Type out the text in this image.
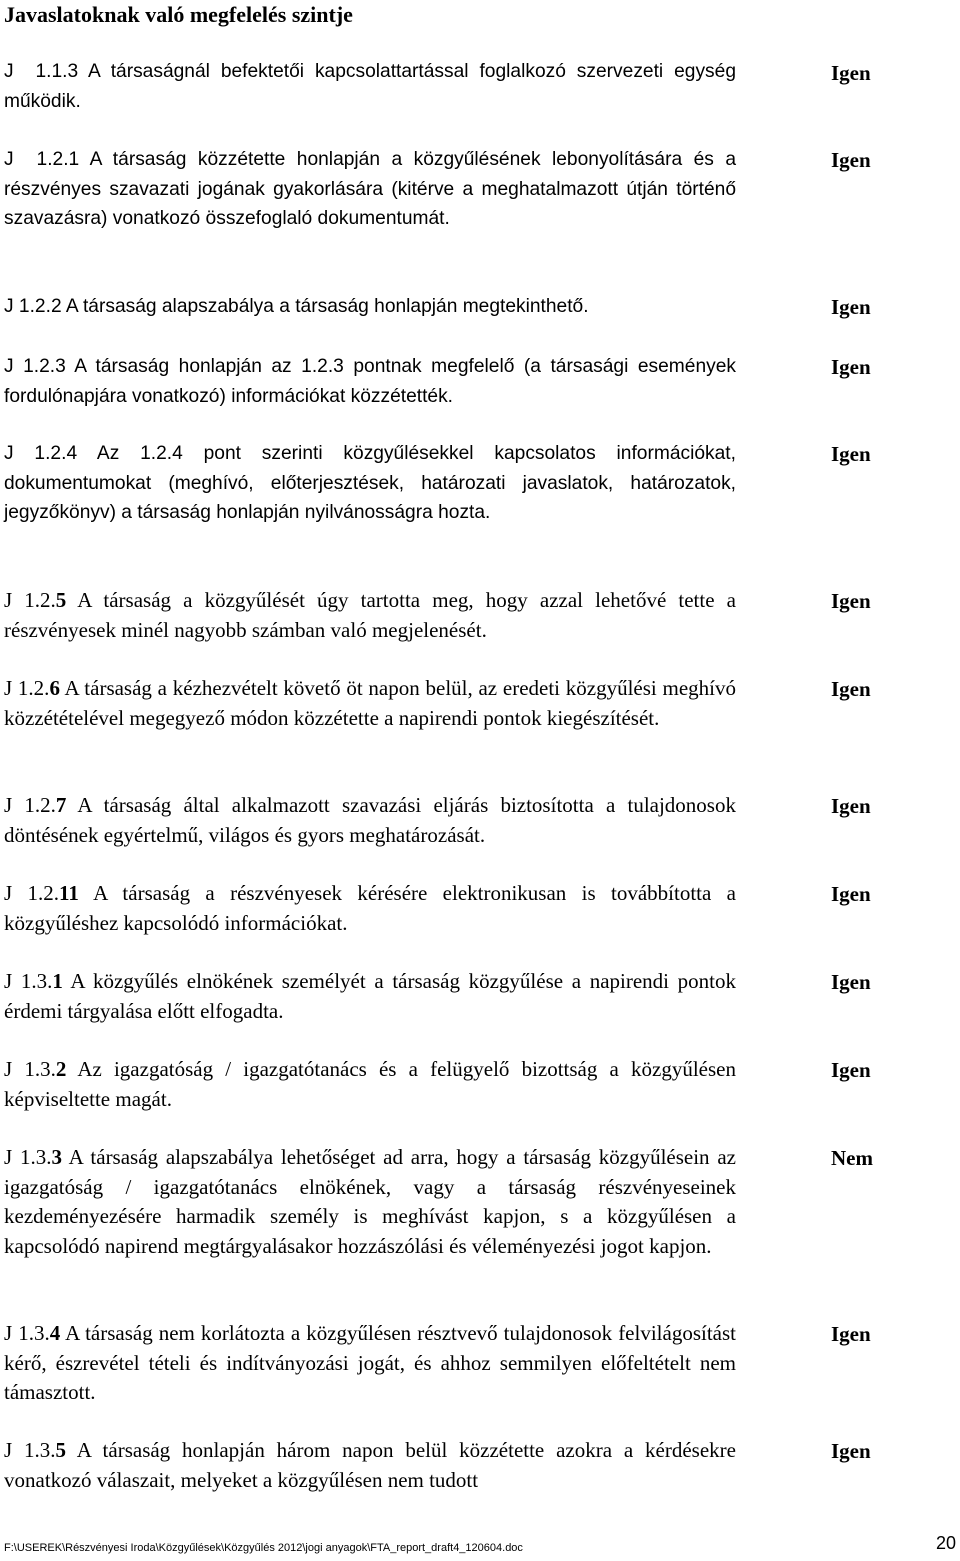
Javaslatoknak való megfelelés szintje
J 1.1.3 A társaságnál befektetői kapcsolattartással foglalkozó szervezeti egység működik.
Igen
J 1.2.1 A társaság közzétette honlapján a közgyűlésének lebonyolítására és a részvényes szavazati jogának gyakorlására (kitérve a meghatalmazott útján történő szavazásra) vonatkozó összefoglaló dokumentumát.
Igen
J 1.2.2 A társaság alapszabálya a társaság honlapján megtekinthető.	Igen
J 1.2.3 A társaság honlapján az 1.2.3 pontnak megfelelő (a társasági események fordulónapjára vonatkozó) információkat közzétették.
Igen
J 1.2.4 Az 1.2.4 pont szerinti közgyűlésekkel kapcsolatos információkat, dokumentumokat (meghívó, előterjesztések, határozati javaslatok, határozatok, jegyzőkönyv) a társaság honlapján nyilvánosságra hozta.
Igen
J 1.2.5 A társaság a közgyűlését úgy tartotta meg, hogy azzal lehetővé tette a részvényesek minél nagyobb számban való megjelenését.
Igen
J 1.2.6 A társaság a kézhezvételt követő öt napon belül, az eredeti közgyűlési meghívó közzétételével megegyező módon közzétette a napirendi pontok kiegészítését.
Igen
J 1.2.7 A társaság által alkalmazott szavazási eljárás biztosította a tulajdonosok döntésének egyértelmű, világos és gyors meghatározását.
Igen
J 1.2.11 A társaság a részvényesek kérésére elektronikusan is továbbította a közgyűléshez kapcsolódó információkat.
Igen
J 1.3.1 A közgyűlés elnökének személyét a társaság közgyűlése a napirendi pontok érdemi tárgyalása előtt elfogadta.
Igen
J 1.3.2 Az igazgatóság / igazgatótanács és a felügyelő bizottság a közgyűlésen képviseltette magát.
Igen
J 1.3.3 A társaság alapszabálya lehetőséget ad arra, hogy a társaság közgyűlésein az igazgatóság / igazgatótanács elnökének, vagy a társaság részvényeseinek kezdeményezésére harmadik személy is meghívást kapjon, s a közgyűlésen a kapcsolódó napirend megtárgyalásakor hozzászólási és véleményezési jogot kapjon.
Nem
J 1.3.4 A társaság nem korlátozta a közgyűlésen résztvevő tulajdonosok felvilágosítást kérő, észrevétel tételi és indítványozási jogát, és ahhoz semmilyen előfeltételt nem támasztott.
Igen
J 1.3.5 A társaság honlapján három napon belül közzétette azokra a kérdésekre vonatkozó válaszait, melyeket a közgyűlésen nem tudott
Igen
F:\USEREK\Részvényesi Iroda\Közgyűlések\Közgyűlés 2012\jogi anyagok\FTA_report_draft4_120604.doc	20
